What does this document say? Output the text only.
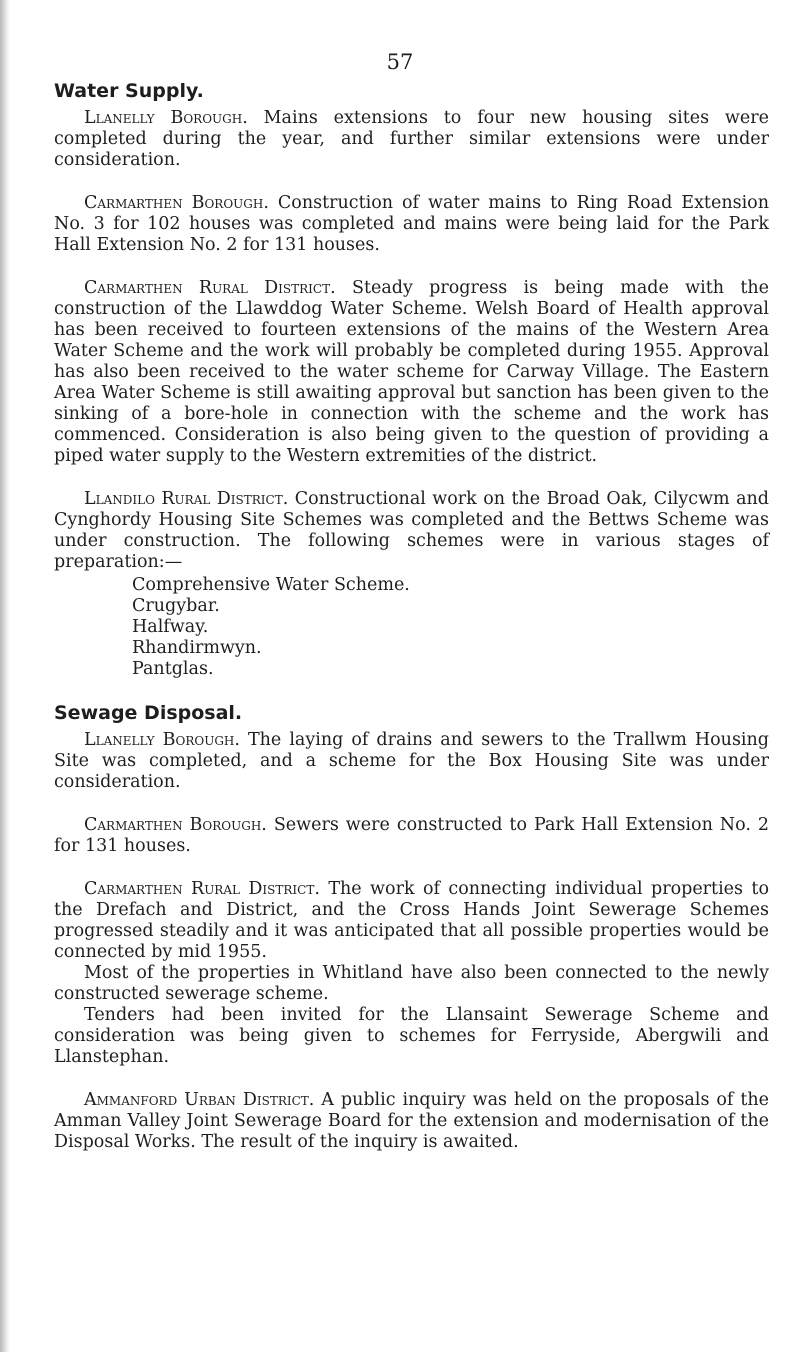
57
Water Supply.

Llanelly Borough. Mains extensions to four new housing sites were completed during the year, and further similar extensions were under consideration.

Carmarthen Borough. Construction of water mains to Ring Road Extension No. 3 for 102 houses was completed and mains were being laid for the Park Hall Extension No. 2 for 131 houses.

Carmarthen Rural District. Steady progress is being made with the construction of the Llawddog Water Scheme. Welsh Board of Health approval has been received to fourteen extensions of the mains of the Western Area Water Scheme and the work will probably be completed during 1955. Approval has also been received to the water scheme for Carway Village. The Eastern Area Water Scheme is still awaiting approval but sanction has been given to the sinking of a bore-hole in connection with the scheme and the work has commenced. Consideration is also being given to the question of providing a piped water supply to the Western extremities of the district.

Llandilo Rural District. Constructional work on the Broad Oak, Cilycwm and Cynghordy Housing Site Schemes was completed and the Bettws Scheme was under construction. The following schemes were in various stages of preparation:—

Comprehensive Water Scheme.
Crugybar.
Halfway.
Rhandirmwyn.
Pantglas.
Sewage Disposal.

Llanelly Borough. The laying of drains and sewers to the Trallwm Housing Site was completed, and a scheme for the Box Housing Site was under consideration.

Carmarthen Borough. Sewers were constructed to Park Hall Extension No. 2 for 131 houses.

Carmarthen Rural District. The work of connecting individual properties to the Drefach and District, and the Cross Hands Joint Sewerage Schemes progressed steadily and it was anticipated that all possible properties would be connected by mid 1955.

Most of the properties in Whitland have also been connected to the newly constructed sewerage scheme.

Tenders had been invited for the Llansaint Sewerage Scheme and consideration was being given to schemes for Ferryside, Abergwili and Llanstephan.

Ammanford Urban District. A public inquiry was held on the proposals of the Amman Valley Joint Sewerage Board for the extension and modernisation of the Disposal Works. The result of the inquiry is awaited.
